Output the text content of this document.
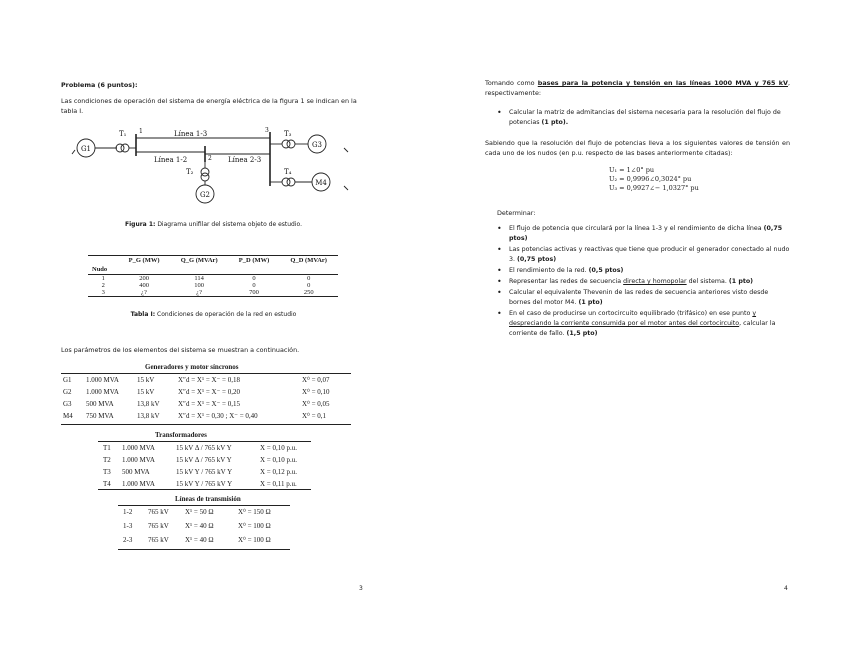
Problema (6 puntos):
Las condiciones de operación del sistema de energía eléctrica de la figura 1 se indican en la tabla I.
G1
G2
G3
M4
T₁
T₂
T₃
T₄
Línea 1-3
Línea 1-2	Línea 2-3
1
2
3
Figura 1: Diagrama unifilar del sistema objeto de estudio.
	P_G (MW)	Q_G (MVAr)	P_D (MW)	Q_D (MVAr)
Nudo				
1	200	114	0	0
2	400	100	0	0
3	¿?	¿?	700	250
Tabla I: Condiciones de operación de la red en estudio
Los parámetros de los elementos del sistema se muestran a continuación.
Generadores y motor síncronos
G1 1.000 MVA	15 kV	X″d = X¹ = X⁻ = 0,18	X⁰ = 0,07
G2 1.000 MVA	15 kV	X″d = X¹ = X⁻ = 0,20	X⁰ = 0,10
G3 500 MVA	13,8 kV	X″d = X¹ = X⁻ = 0,15	X⁰ = 0,05
M4 750 MVA	13,8 kV	X″d = X¹ = 0,30 ; X⁻ = 0,40	X⁰ = 0,1
Transformadores
T1 1.000 MVA	15 kV Δ / 765 kV Y	X = 0,10 p.u.
T2 1.000 MVA	15 kV Δ / 765 kV Y	X = 0,10 p.u.
T3 500 MVA	15 kV Y / 765 kV Y	X = 0,12 p.u.
T4 1.000 MVA	15 kV Y / 765 kV Y	X = 0,11 p.u.
Líneas de transmisión
1-2 765 kV X¹ = 50 Ω	X⁰ = 150 Ω
1-3 765 kV X¹ = 40 Ω	X⁰ = 100 Ω
2-3 765 kV X¹ = 40 Ω	X⁰ = 100 Ω
3
Tomando como bases para la potencia y tensión en las líneas 1000 MVA y 765 kV, respectivamente:
• Calcular la matriz de admitancias del sistema necesaria para la resolución del flujo de potencias (1 pto).
Sabiendo que la resolución del flujo de potencias lleva a los siguientes valores de tensión en cada uno de los nudos (en p.u. respecto de las bases anteriormente citadas):
U₁ = 1∠0° pu
U₂ = 0,9996∠0,3024° pu
U₃ = 0,9927∠− 1,0327° pu
Determinar:
• El flujo de potencia que circulará por la línea 1-3 y el rendimiento de dicha línea (0,75 ptos)
• Las potencias activas y reactivas que tiene que producir el generador conectado al nudo 3. (0,75 ptos)
• El rendimiento de la red. (0,5 ptos)
• Representar las redes de secuencia directa y homopolar del sistema. (1 pto)
• Calcular el equivalente Thevenin de las redes de secuencia anteriores visto desde bornes del motor M4. (1 pto)
• En el caso de producirse un cortocircuito equilibrado (trifásico) en ese punto y despreciando la corriente consumida por el motor antes del cortocircuito, calcular la corriente de fallo. (1,5 pto)
4
